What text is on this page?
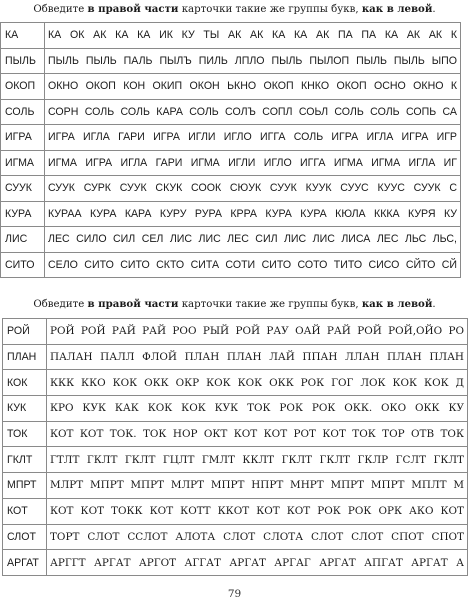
Обведите в правой части карточки такие же группы букв, как в левой.
КА	КА ОК АК КА КА ИК КУ ТЫ АК АК КА КА АК ПА ПА КА АК АК К
ПЫЛЬ	ПЫЛЬ ПЫЛЬ ПАЛЬ ПЫЛЪ ПИЛЬ ЛПЛО ПЫЛЬ ПЫЛОП ПЫЛЬ ПЫЛЬ ЫПО
ОКОП	ОКНО ОКОП КОН ОКИП ОКОН ЬКНО ОКОП КНКО ОКОП ОСНО ОКНО К
СОЛЬ	СОРН СОЛЬ СОЛЬ КАРА СОЛЬ СОЛЪ СОПЛ СОЬЛ СОЛЬ СОЛЬ СОПЬ СА
ИГРА	ИГРА ИГЛА ГАРИ ИГРА ИГЛИ ИГЛО ИГГА СОЛЬ ИГРА ИГЛА ИГРА ИГР
ИГМА	ИГМА ИГРА ИГЛА ГАРИ ИГМА ИГЛИ ИГЛО ИГГА ИГМА ИГМА ИГЛА ИГ
СУУК	СУУК СУРК СУУК СКУК СООК СЮУК СУУК КУУК СУУС КУУС СУУК С
КУРА	КУРАА КУРА КАРА КУРУ РУРА КРРА КУРА КУРА КЮЛА КККА КУРЯ КУ
ЛИС	ЛЕС СИЛО СИЛ СЕЛ ЛИС ЛИС ЛЕС СИЛ ЛИС ЛИС ЛИСА ЛЕС ЛЬС ЛЬС,
СИТО	СЕЛО СИТО СИТО СКТО СИТА СОТИ СИТО СОТО ТИТО СИСО СЙТО СЙ
Обведите в правой части карточки такие же группы букв, как в левой.
РОЙ	РОЙ РОЙ РАЙ РАЙ РОО РЫЙ РОЙ РАУ ОАЙ РАЙ РОЙ РОЙ,ОЙО РО
ПЛАН	ПАЛАН ПАЛЛ ФЛОЙ ПЛАН ПЛАН ЛАЙ ППАН ЛЛАН ПЛАН ПЛАН
КОК	ККК ККО КОК ОКК ОКР КОК КОК ОКК РОК ГОГ ЛОК КОК КОК Д
КУК	КРО КУК КАК КОК КОК КУК ТОК РОК РОК ОКК. ОКО ОКК КУ
ТОК	КОТ КОТ ТОК. ТОК НОР ОКТ КОТ КОТ РОТ КОТ ТОК ТОР ОТВ ТОК
ГКЛТ	ГТЛТ ГКЛТ ГКЛТ ГЦЛТ ГМЛТ ККЛТ ГКЛТ ГКЛТ ГКЛР ГСЛТ ГКЛТ
МПРТ	МЛРТ МПРТ МПРТ МЛРТ МПРТ НПРТ МНРТ МПРТ МПРТ МПЛТ М
КОТ	КОТ КОТ ТОКК КОТ КОТТ ККОТ КОТ КОТ РОК РОК ОРК АКО КОТ
СЛОТ	ТОРТ СЛОТ ССЛОТ АЛОТА СЛОТ СЛОТА СЛОТ СЛОТ СПОТ СПОТ
АРГАТ	АРГГТ АРГАТ АРГОТ АГГАТ АРГАТ АРГАГ АРГАТ АПГАТ АРГАТ А
79
